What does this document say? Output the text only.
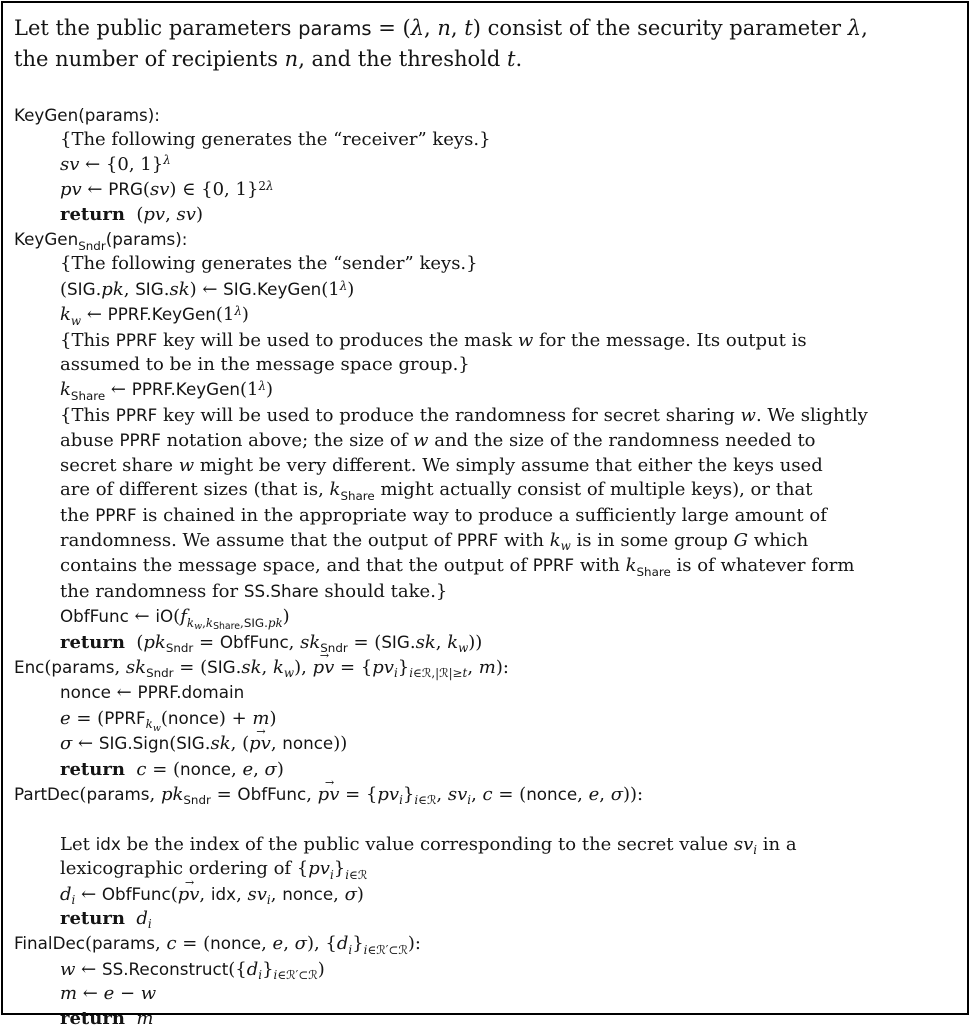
Let the public parameters params = (λ, n, t) consist of the security parameter λ,
the number of recipients n, and the threshold t.
KeyGen(params):
{The following generates the “receiver” keys.}
sv ← {0, 1}$^\lambda$
pv ← PRG(sv) ∈ {0, 1}$^{2\lambda}$
return  (pv, sv)
KeyGen$_{Sndr}$(params):
{The following generates the “sender” keys.}
(SIG.pk, SIG.sk) ← $SIG.KeyGen(1^\lambda)$
$k_w$ ← $PPRF.KeyGen(1^\lambda)$
{This PPRF key will be used to produces the mask w for the message. Its output is
assumed to be in the message space group.}
$k_{Share}$ ← $PPRF.KeyGen(1^\lambda)$
{This PPRF key will be used to produce the randomness for secret sharing w. We slightly
abuse PPRF notation above; the size of w and the size of the randomness needed to
secret share w might be very different. We simply assume that either the keys used
are of different sizes (that is, $k_{Share}$ might actually consist of multiple keys), or that
the PPRF is chained in the appropriate way to produce a sufficiently large amount of
randomness. We assume that the output of PPRF with $k_w$ is in some group G which
contains the message space, and that the output of PPRF with $k_{Share}$ is of whatever form
the randomness for SS.Share should take.}
ObfFunc ← $iO(f_{kw,kShare,SIG.pk})$
return  ($pk_{Sndr}$ = ObfFunc, $sk_{Sndr} = (SIG.sk$, $k_w$))
Enc(params, $sk_{Sndr} = (SIG.sk$, $k_w$), pv → = $\{pv_i\}_{i\in ℛ,|ℛ|\ge t}$, m):
nonce ← PPRF.domain
$e = (PPRF_{kw}(nonce) + m)$
σ ← SIG.Sign(SIG.sk, (pv →, nonce))
return c = (nonce, e, σ)
PartDec(params, $pk_{Sndr}$ = ObfFunc, pv → = $\{pv_i\}_{i\in ℛ}$, $sv_i$, c = (nonce, e, σ)):
Let idx be the index of the public value corresponding to the secret value $sv_i$ in a
lexicographic ordering of $\{pv_i\}_{i\in ℛ}$
$d_i$ ← ObfFunc(pv →, idx, $sv_i$, nonce, σ)
return $d_i$
FinalDec(params, c = (nonce, e, σ), $\{d_i\}_{i\in ℛ'\subset ℛ}$):
w ← $SS.Reconstruct(\{d_i\}_{i\in ℛ'\subset ℛ})$
m ← e − w
return m
